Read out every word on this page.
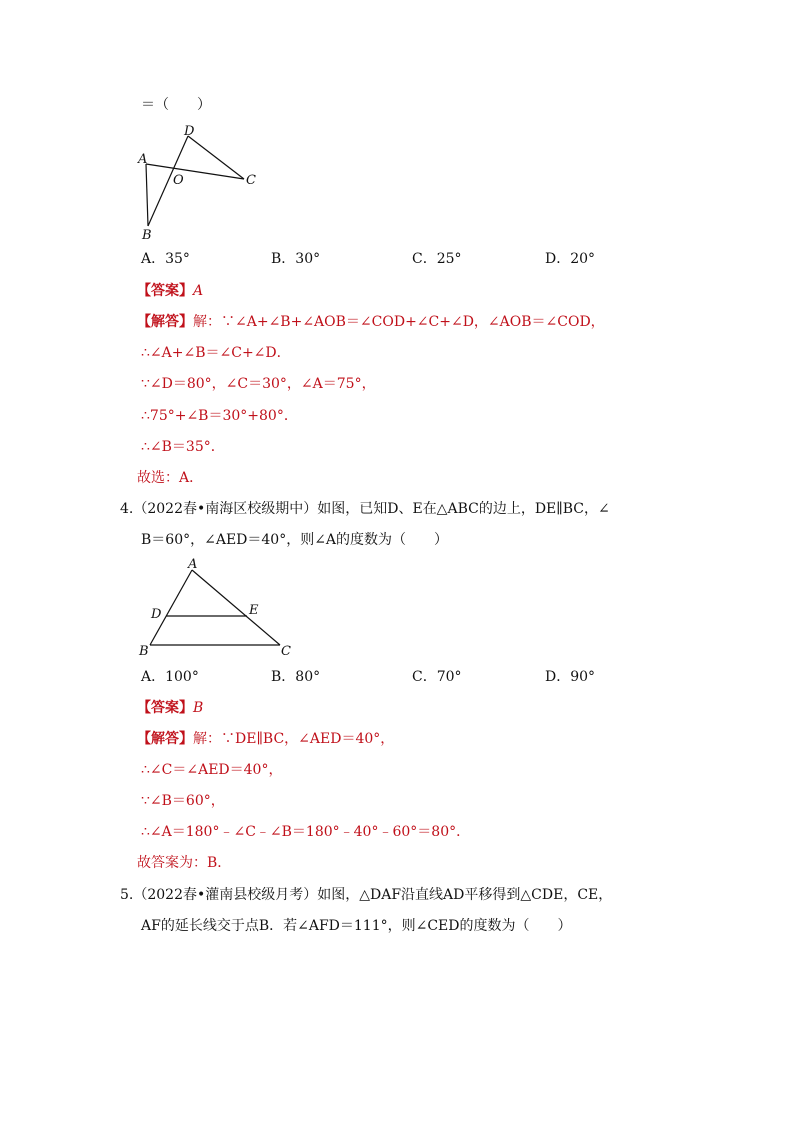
＝（　　）
A
B
C
D
O
A．35°	B．30°	C．25°	D．20°
【答案】A
【解答】解：∵∠A+∠B+∠AOB＝∠COD+∠C+∠D，∠AOB＝∠COD，
∴∠A+∠B＝∠C+∠D．
∵∠D＝80°，∠C＝30°，∠A＝75°，
∴75°+∠B＝30°+80°．
∴∠B＝35°．
故选：A．
4.（2022春•南海区校级期中）如图，已知D、E在△ABC的边上，DE∥BC，∠
B＝60°，∠AED＝40°，则∠A的度数为（　　）
A
D	E
B	C
A．100°	B．80°	C．70°	D．90°
【答案】B
【解答】解：∵DE∥BC，∠AED＝40°，
∴∠C＝∠AED＝40°，
∵∠B＝60°，
∴∠A＝180°﹣∠C﹣∠B＝180°﹣40°﹣60°＝80°．
故答案为：B．
5.（2022春•灌南县校级月考）如图，△DAF沿直线AD平移得到△CDE，CE，
AF的延长线交于点B．若∠AFD＝111°，则∠CED的度数为（　　）
